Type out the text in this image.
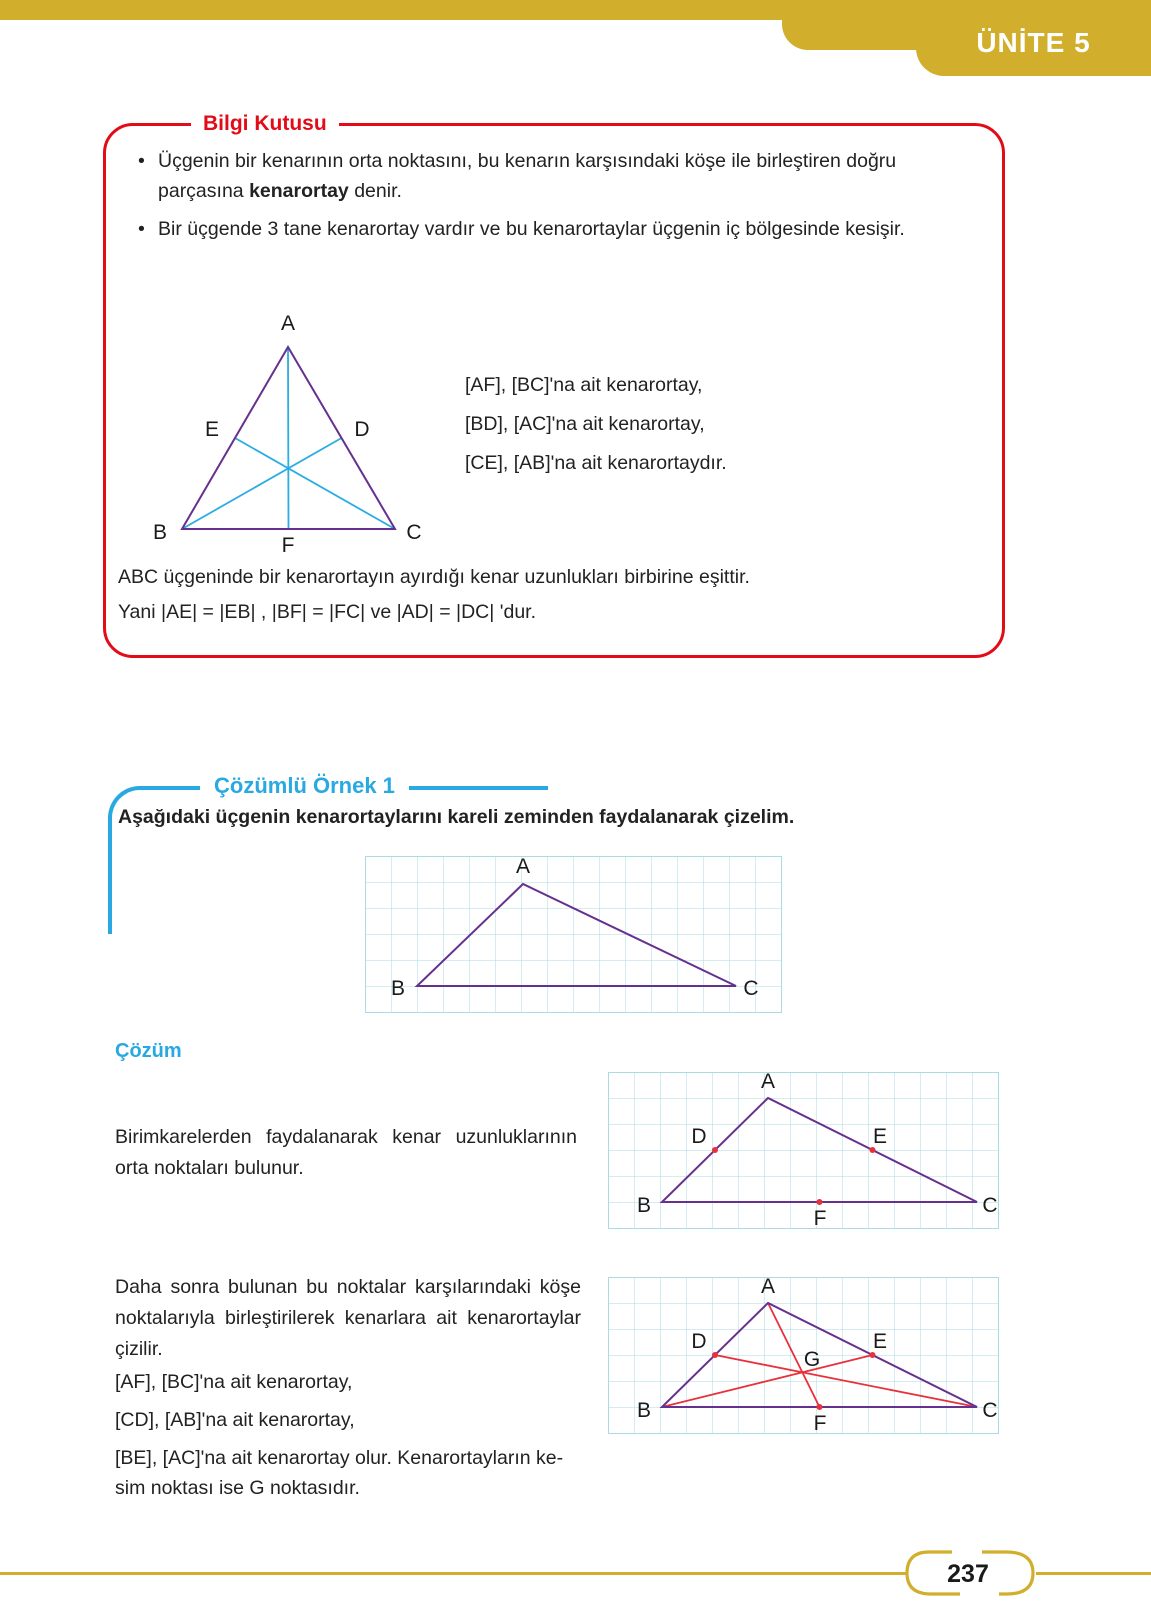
ÜNİTE 5
Bilgi Kutusu
• Üçgenin bir kenarının orta noktasını, bu kenarın karşısındaki köşe ile birleştiren doğru parçasına kenarortay denir.
• Bir üçgende 3 tane kenarortay vardır ve bu kenarortaylar üçgenin iç bölgesinde kesişir.
A
B	C
D
E
F
[AF], [BC]'na ait kenarortay,
[BD], [AC]'na ait kenarortay,
[CE], [AB]'na ait kenarortaydır.
ABC üçgeninde bir kenarortayın ayırdığı kenar uzunlukları birbirine eşittir.
Yani |AE| = |EB| , |BF| = |FC| ve |AD| = |DC| 'dur.
Çözümlü Örnek 1
Aşağıdaki üçgenin kenarortaylarını kareli zeminden faydalanarak çizelim.
A
B	C
Çözüm
Birimkarelerden faydalanarak kenar uzunluklarının orta noktaları bulunur.
A
B	C
D	E
F
Daha sonra bulunan bu noktalar karşılarındaki köşe noktalarıyla birleştirilerek kenarlara ait kenarortaylar çizilir.

[AF], [BC]'na ait kenarortay,

[CD], [AB]'na ait kenarortay,

[BE], [AC]'na ait kenarortay olur. Kenarortayların ke-
sim noktası ise G noktasıdır.

A
B	C
D	E
F
G
237
